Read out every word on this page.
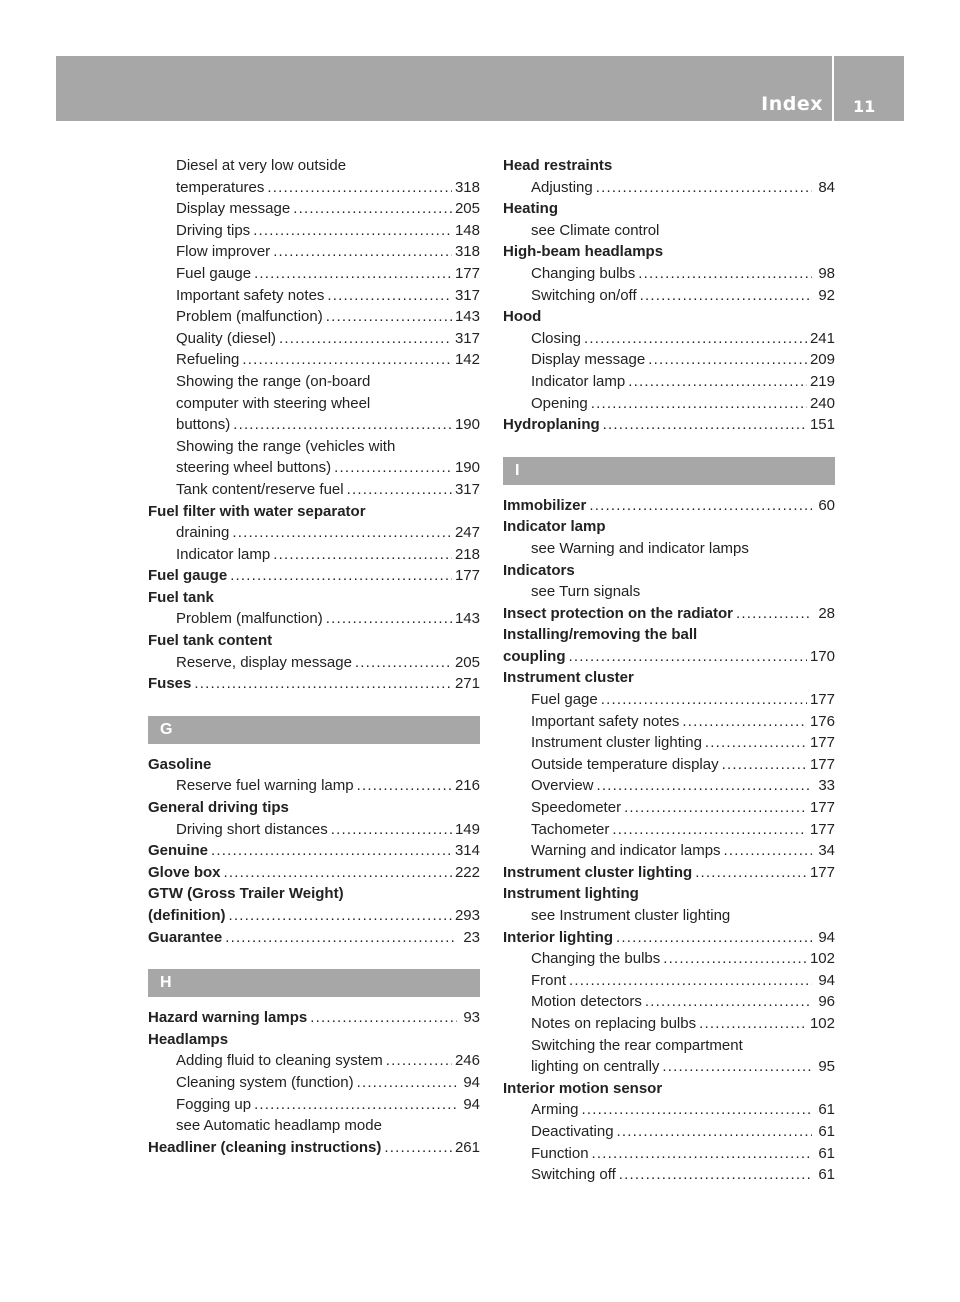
Index 11
Diesel at very low outside
temperatures .....	318
Display message .....	205
Driving tips .....	148
Flow improver .....	318
Fuel gauge .....	177
Important safety notes .....	317
Problem (malfunction) .....	143
Quality (diesel) .....	317
Refueling .....	142
Showing the range (on-board
computer with steering wheel
buttons) .....	190
Showing the range (vehicles with
steering wheel buttons) .....	190
Tank content/reserve fuel .....	317
Fuel filter with water separator
draining .....	247
Indicator lamp .....	218
Fuel gauge .....	177
Fuel tank
Problem (malfunction) .....	143
Fuel tank content
Reserve, display message .....	205
Fuses .....	271
G
Gasoline
Reserve fuel warning lamp .....	216
General driving tips
Driving short distances .....	149
Genuine .....	314
Glove box .....	222
GTW (Gross Trailer Weight)
(definition) .....	293
Guarantee .....	23
H
Hazard warning lamps .....	93
Headlamps
Adding fluid to cleaning system .....	246
Cleaning system (function) .....	94
Fogging up .....	94
see Automatic headlamp mode
Headliner (cleaning instructions) .....	261
Head restraints
Adjusting .....	84
Heating
see Climate control
High-beam headlamps
Changing bulbs .....	98
Switching on/off .....	92
Hood
Closing .....	241
Display message .....	209
Indicator lamp .....	219
Opening .....	240
Hydroplaning .....	151
I
Immobilizer .....	60
Indicator lamp
see Warning and indicator lamps
Indicators
see Turn signals
Insect protection on the radiator .....	28
Installing/removing the ball
coupling .....	170
Instrument cluster
Fuel gage .....	177
Important safety notes .....	176
Instrument cluster lighting .....	177
Outside temperature display .....	177
Overview .....	33
Speedometer .....	177
Tachometer .....	177
Warning and indicator lamps .....	34
Instrument cluster lighting .....	177
Instrument lighting
see Instrument cluster lighting
Interior lighting .....	94
Changing the bulbs .....	102
Front .....	94
Motion detectors .....	96
Notes on replacing bulbs .....	102
Switching the rear compartment
lighting on centrally .....	95
Interior motion sensor
Arming .....	61
Deactivating .....	61
Function .....	61
Switching off .....	61
